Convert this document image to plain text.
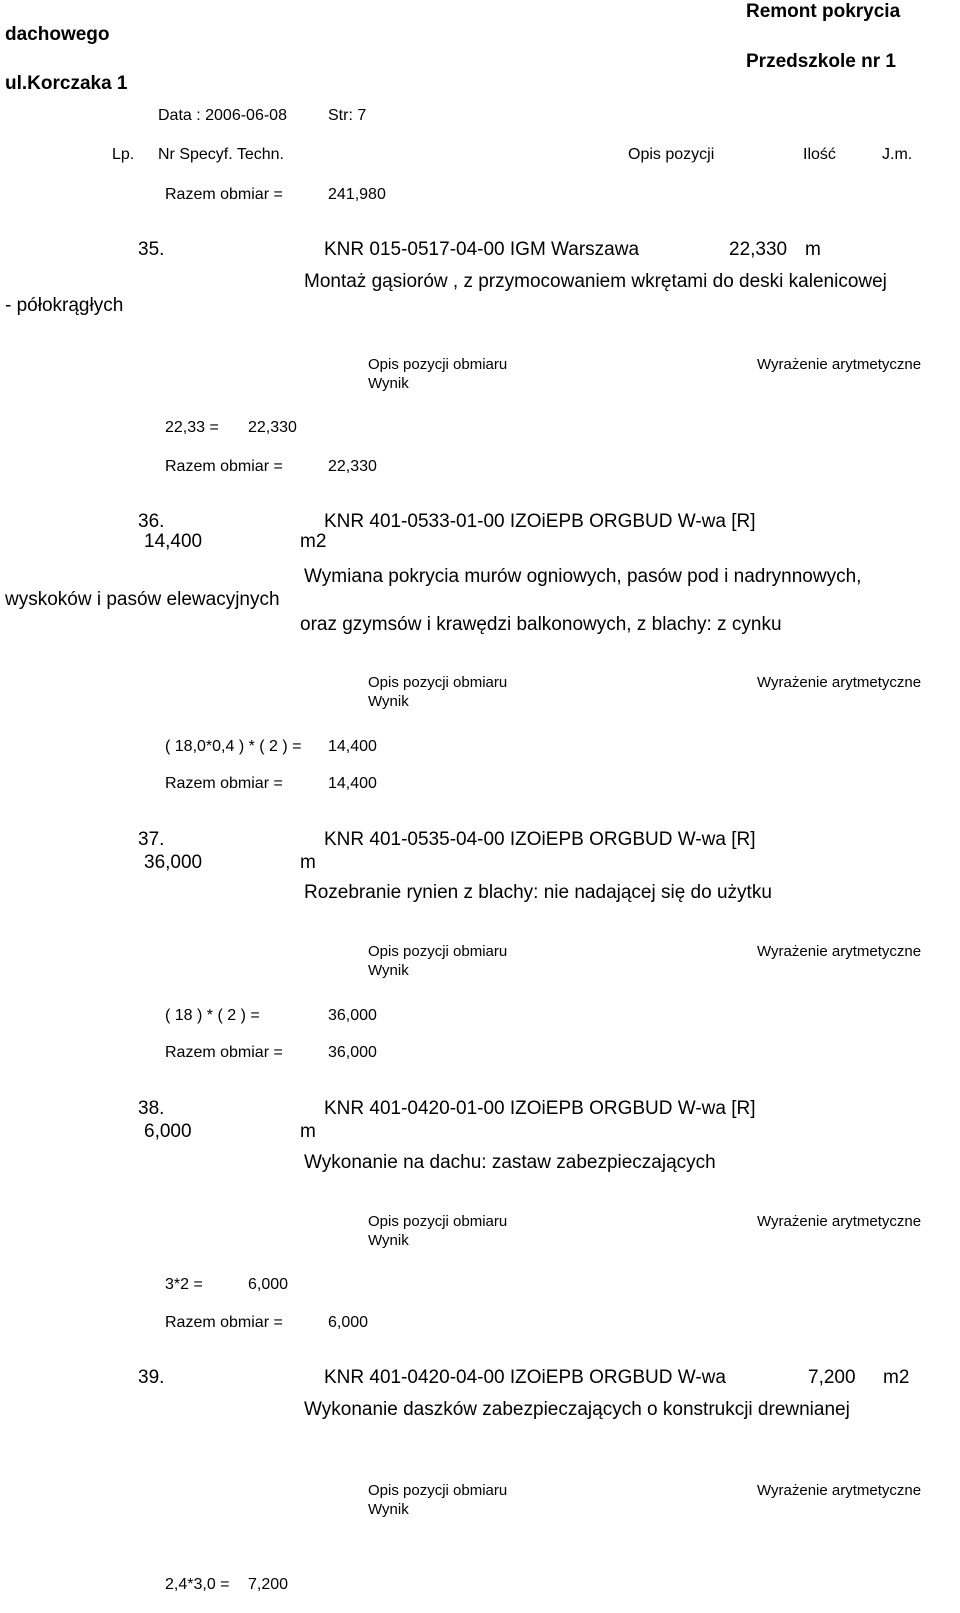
dachowego
ul.Korczaka 1
Remont pokrycia
Przedszkole nr 1
Data : 2006-06-08	Str: 7
Lp. Nr Specyf. Techn.	Opis pozycji	Ilość	J.m.
Razem obmiar =	241,980
35.	KNR 015-0517-04-00 IGM Warszawa	22,330 m
Montaż gąsiorów , z przymocowaniem wkrętami do deski kalenicowej
- półokrągłych
Opis pozycji obmiaru	Wyrażenie arytmetyczne
Wynik
22,33 = 22,330
Razem obmiar =	22,330
36.	KNR 401-0533-01-00 IZOiEPB ORGBUD W-wa [R]
14,400	m2
Wymiana pokrycia murów ogniowych, pasów pod i nadrynnowych,
wyskoków i pasów elewacyjnych
oraz gzymsów i krawędzi balkonowych, z blachy: z cynku
Opis pozycji obmiaru	Wyrażenie arytmetyczne
Wynik
( 18,0*0,4 ) * ( 2 ) = 14,400
Razem obmiar =	14,400
37.	KNR 401-0535-04-00 IZOiEPB ORGBUD W-wa [R]
36,000	m
Rozebranie rynien z blachy: nie nadającej się do użytku
Opis pozycji obmiaru	Wyrażenie arytmetyczne
Wynik
( 18 ) * ( 2 ) =	36,000
Razem obmiar =	36,000
38.	KNR 401-0420-01-00 IZOiEPB ORGBUD W-wa [R]
6,000	m
Wykonanie na dachu: zastaw zabezpieczających
Opis pozycji obmiaru	Wyrażenie arytmetyczne
Wynik
3*2 =	6,000
Razem obmiar =	6,000
39.	KNR 401-0420-04-00 IZOiEPB ORGBUD W-wa	7,200 m2
Wykonanie daszków zabezpieczających o konstrukcji drewnianej
Opis pozycji obmiaru	Wyrażenie arytmetyczne
Wynik
2,4*3,0 = 7,200
